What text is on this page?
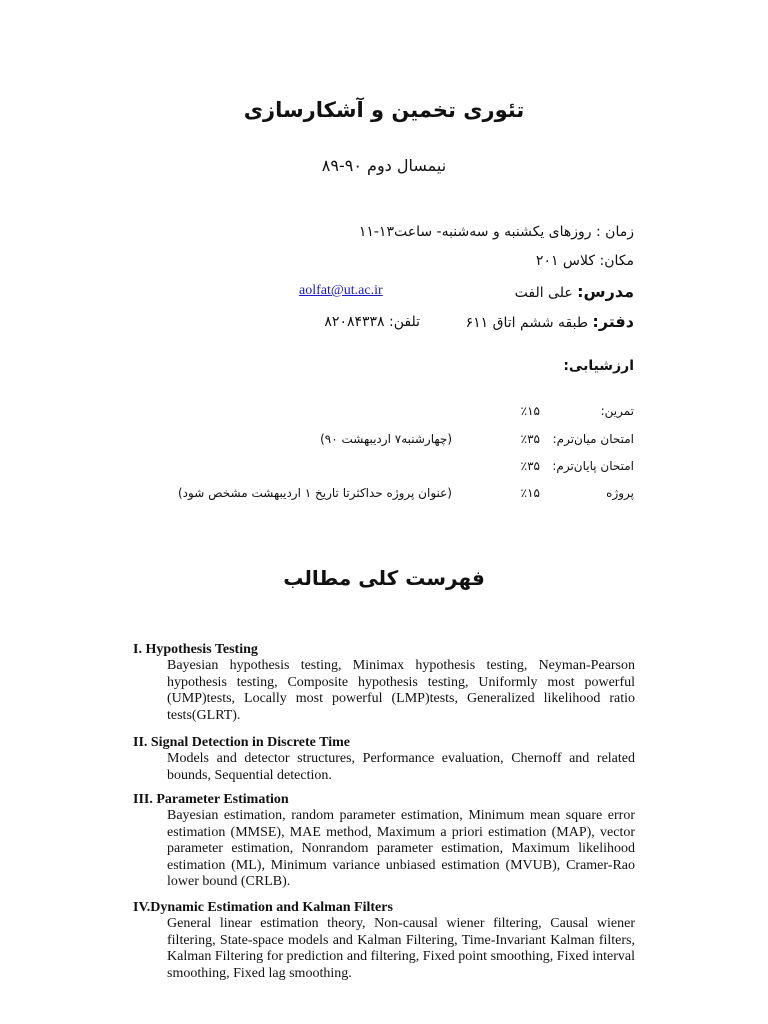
تئوری تخمین و آشکارسازی
نیمسال دوم ۹۰-۸۹
زمان : روزهای یکشنبه و سه‌شنبه- ساعت۱۳-۱۱
مکان: کلاس ۲۰۱
مدرس: علی الفت
aolfat@ut.ac.ir
دفتر: طبقه ششم اتاق ۶۱۱
تلفن: ۸۲۰۸۴۳۳۸
ارزشیابی:
تمرین:
٪۱۵
امتحان میان‌ترم:
٪۳۵
(چهارشنبه۷ اردیبهشت ۹۰)
امتحان پایان‌ترم:
٪۳۵
پروژه
٪۱۵
(عنوان پروژه حداکثرتا تاریخ ۱ اردیبهشت مشخص شود)
فهرست کلی مطالب
I. Hypothesis Testing
Bayesian hypothesis testing, Minimax hypothesis testing, Neyman-Pearson hypothesis testing, Composite hypothesis testing, Uniformly most powerful (UMP)tests, Locally most powerful (LMP)tests, Generalized likelihood ratio tests(GLRT).
II. Signal Detection in Discrete Time
Models and detector structures, Performance evaluation, Chernoff and related bounds, Sequential detection.
III. Parameter Estimation
Bayesian estimation, random parameter estimation, Minimum mean square error estimation (MMSE), MAE method, Maximum a priori estimation (MAP), vector parameter estimation, Nonrandom parameter estimation, Maximum likelihood estimation (ML), Minimum variance unbiased estimation (MVUB), Cramer-Rao lower bound (CRLB).
IV.Dynamic Estimation and Kalman Filters
General linear estimation theory, Non-causal wiener filtering, Causal wiener filtering, State-space models and Kalman Filtering, Time-Invariant Kalman filters, Kalman Filtering for prediction and filtering, Fixed point smoothing, Fixed interval smoothing, Fixed lag smoothing.
